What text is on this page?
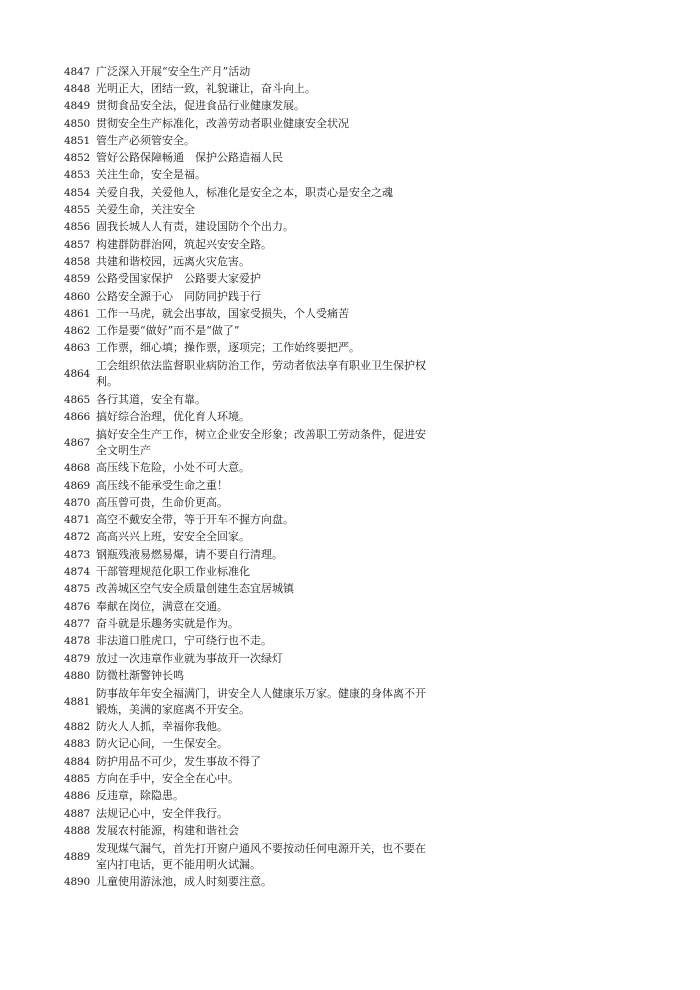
4847 广泛深入开展“安全生产月”活动
4848 光明正大，团结一致，礼貌谦让，奋斗向上。
4849 贯彻食品安全法，促进食品行业健康发展。
4850 贯彻安全生产标准化，改善劳动者职业健康安全状况
4851 管生产必须管安全。
4852 管好公路保障畅通　保护公路造福人民
4853 关注生命，安全是福。
4854 关爱自我，关爱他人，标准化是安全之本，职责心是安全之魂
4855 关爱生命，关注安全
4856 固我长城人人有责，建设国防个个出力。
4857 构建群防群治网，筑起兴安安全路。
4858 共建和谐校园，远离火灾危害。
4859 公路受国家保护　公路要大家爱护
4860 公路安全源于心　同防同护践于行
4861 工作一马虎，就会出事故，国家受损失，个人受痛苦
4862 工作是要“做好”而不是“做了”
4863 工作票，细心填；操作票，逐项完；工作始终要把严。
4864
工会组织依法监督职业病防治工作，劳动者依法享有职业卫生保护权
利。
4865 各行其道，安全有靠。
4866 搞好综合治理，优化育人环境。
4867
搞好安全生产工作，树立企业安全形象；改善职工劳动条件，促进安
全文明生产
4868 高压线下危险，小处不可大意。
4869 高压线不能承受生命之重！
4870 高压曾可贵，生命价更高。
4871 高空不戴安全带，等于开车不握方向盘。
4872 高高兴兴上班，安安全全回家。
4873 钢瓶残液易燃易爆，请不要自行清理。
4874 干部管理规范化职工作业标准化
4875 改善城区空气安全质量创建生态宜居城镇
4876 奉献在岗位，满意在交通。
4877 奋斗就是乐趣务实就是作为。
4878 非法道口胜虎口，宁可绕行也不走。
4879 放过一次违章作业就为事故开一次绿灯
4880 防微杜渐警钟长鸣
4881
防事故年年安全福满门，讲安全人人健康乐万家。健康的身体离不开
锻炼，美满的家庭离不开安全。
4882 防火人人抓，幸福你我他。
4883 防火记心间，一生保安全。
4884 防护用品不可少，发生事故不得了
4885 方向在手中，安全全在心中。
4886 反违章，除隐患。
4887 法规记心中，安全伴我行。
4888 发展农村能源，构建和谐社会
4889
发现煤气漏气，首先打开窗户通风不要按动任何电源开关，也不要在
室内打电话，更不能用明火试漏。
4890 儿童使用游泳池，成人时刻要注意。
